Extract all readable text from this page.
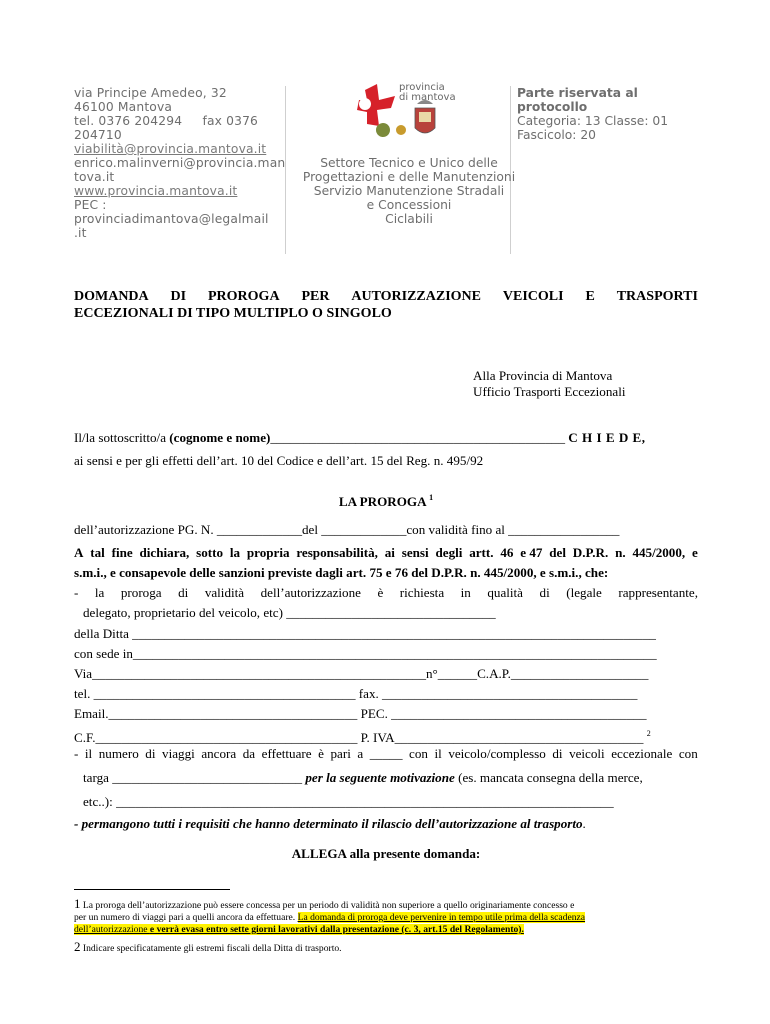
via Principe Amedeo, 32
46100 Mantova
tel. 0376 204294 fax 0376
204710
viabilità@provincia.mantova.it
enrico.malinverni@provincia.man
tova.it
www.provincia.mantova.it
PEC :
provinciadimantova@legalmail
.it
provincia
di mantova
Settore Tecnico e Unico delle
Progettazioni e delle Manutenzioni
Servizio Manutenzione Stradali
e Concessioni
Ciclabili
Parte riservata al
protocollo
Categoria: 13 Classe: 01
Fascicolo: 20
DOMANDA DI PROROGA PER AUTORIZZAZIONE VEICOLI E TRASPORTI
ECCEZIONALI DI TIPO MULTIPLO O SINGOLO
Alla Provincia di Mantova
Ufficio Trasporti Eccezionali
Il/la sottoscritto/a (cognome e nome)_____________________________________________ C H I E D E,
ai sensi e per gli effetti dell’art. 10 del Codice e dell’art. 15 del Reg. n. 495/92
LA PROROGA $^1$
dell’autorizzazione PG. N. _____________del _____________con validità fino al _________________
A tal fine dichiara, sotto la propria responsabilità, ai sensi degli artt. 46 e 47 del D.P.R. n. 445/2000, e
s.m.i., e consapevole delle sanzioni previste dagli art. 75 e 76 del D.P.R. n. 445/2000, e s.m.i., che:
- la proroga di validità dell’autorizzazione è richiesta in qualità di (legale rappresentante,
delegato, proprietario del veicolo, etc) ________________________________
della Ditta ________________________________________________________________________________
con sede in________________________________________________________________________________
Via___________________________________________________n°______C.A.P._____________________
tel. ________________________________________ fax. _______________________________________
Email.______________________________________ PEC. _______________________________________
C.F.________________________________________ P. IVA______________________________________ $^2$
- il numero di viaggi ancora da effettuare è pari a _____ con il veicolo/complesso di veicoli eccezionale con
targa _____________________________ per la seguente motivazione (es. mancata consegna della merce,
etc..): ____________________________________________________________________________
- permangono tutti i requisiti che hanno determinato il rilascio dell’autorizzazione al trasporto.
ALLEGA alla presente domanda:
1 La proroga dell’autorizzazione può essere concessa per un periodo di validità non superiore a quello originariamente concesso e
per un numero di viaggi pari a quelli ancora da effettuare. La domanda di proroga deve pervenire in tempo utile prima della scadenza
dell’autorizzazione e verrà evasa entro sette giorni lavorativi dalla presentazione (c. 3, art.15 del Regolamento).
2 Indicare specificatamente gli estremi fiscali della Ditta di trasporto.
